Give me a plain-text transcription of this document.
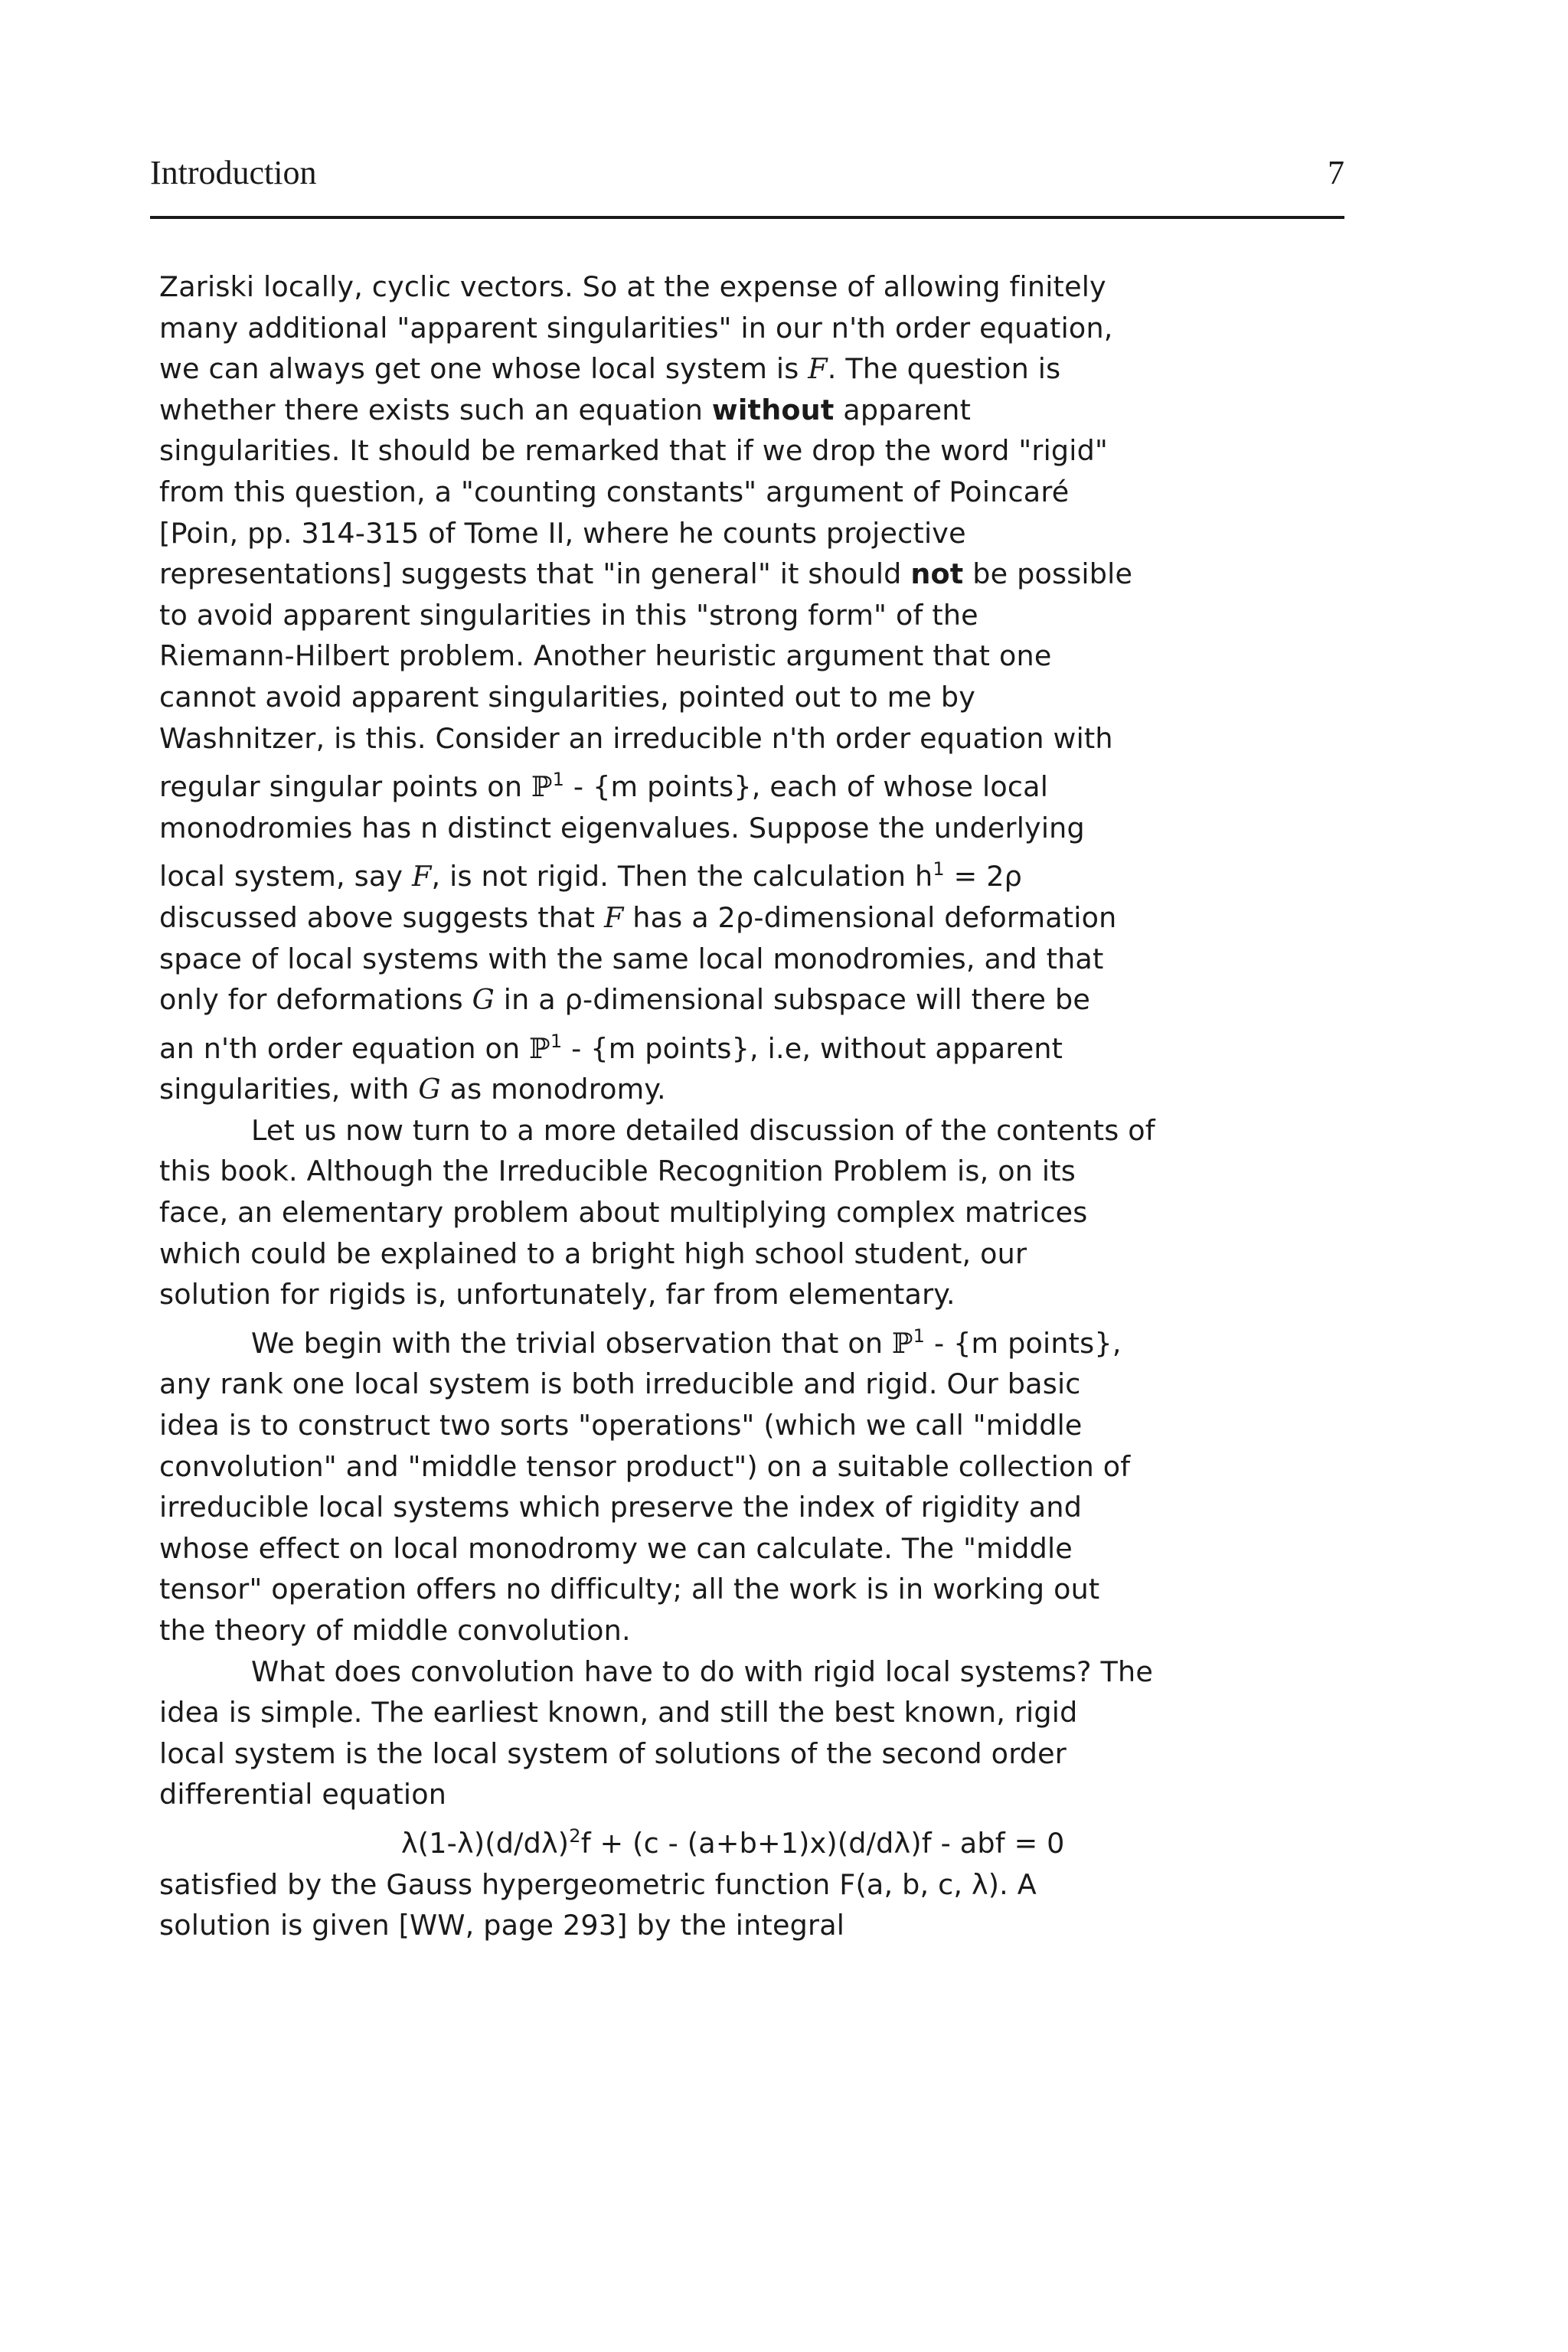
Introduction	7
Zariski locally, cyclic vectors. So at the expense of allowing finitely
many additional "apparent singularities" in our n'th order equation,
we can always get one whose local system is F. The question is
whether there exists such an equation without apparent
singularities. It should be remarked that if we drop the word "rigid"
from this question, a "counting constants" argument of Poincaré
[Poin, pp. 314-315 of Tome II, where he counts projective
representations] suggests that "in general" it should not be possible
to avoid apparent singularities in this "strong form" of the
Riemann-Hilbert problem. Another heuristic argument that one
cannot avoid apparent singularities, pointed out to me by
Washnitzer, is this. Consider an irreducible n'th order equation with
regular singular points on ℙ$^1$ - {m points}, each of whose local
monodromies has n distinct eigenvalues. Suppose the underlying
local system, say F, is not rigid. Then the calculation $h^1 = 2\rho$
discussed above suggests that F has a 2ρ-dimensional deformation
space of local systems with the same local monodromies, and that
only for deformations G in a ρ-dimensional subspace will there be
an n'th order equation on ℙ$^1$ - {m points}, i.e, without apparent
singularities, with G as monodromy.
Let us now turn to a more detailed discussion of the contents of
this book. Although the Irreducible Recognition Problem is, on its
face, an elementary problem about multiplying complex matrices
which could be explained to a bright high school student, our
solution for rigids is, unfortunately, far from elementary.
We begin with the trivial observation that on ℙ$^1$ - {m points},
any rank one local system is both irreducible and rigid. Our basic
idea is to construct two sorts "operations" (which we call "middle
convolution" and "middle tensor product") on a suitable collection of
irreducible local systems which preserve the index of rigidity and
whose effect on local monodromy we can calculate. The "middle
tensor" operation offers no difficulty; all the work is in working out
the theory of middle convolution.
What does convolution have to do with rigid local systems? The
idea is simple. The earliest known, and still the best known, rigid
local system is the local system of solutions of the second order
differential equation
$\lambda(1-\lambda)(d/d\lambda)^2f + (c - (a+b+1)x)(d/d\lambda)f$ - abf = 0
satisfied by the Gauss hypergeometric function F(a, b, c, λ). A
solution is given [WW, page 293] by the integral
